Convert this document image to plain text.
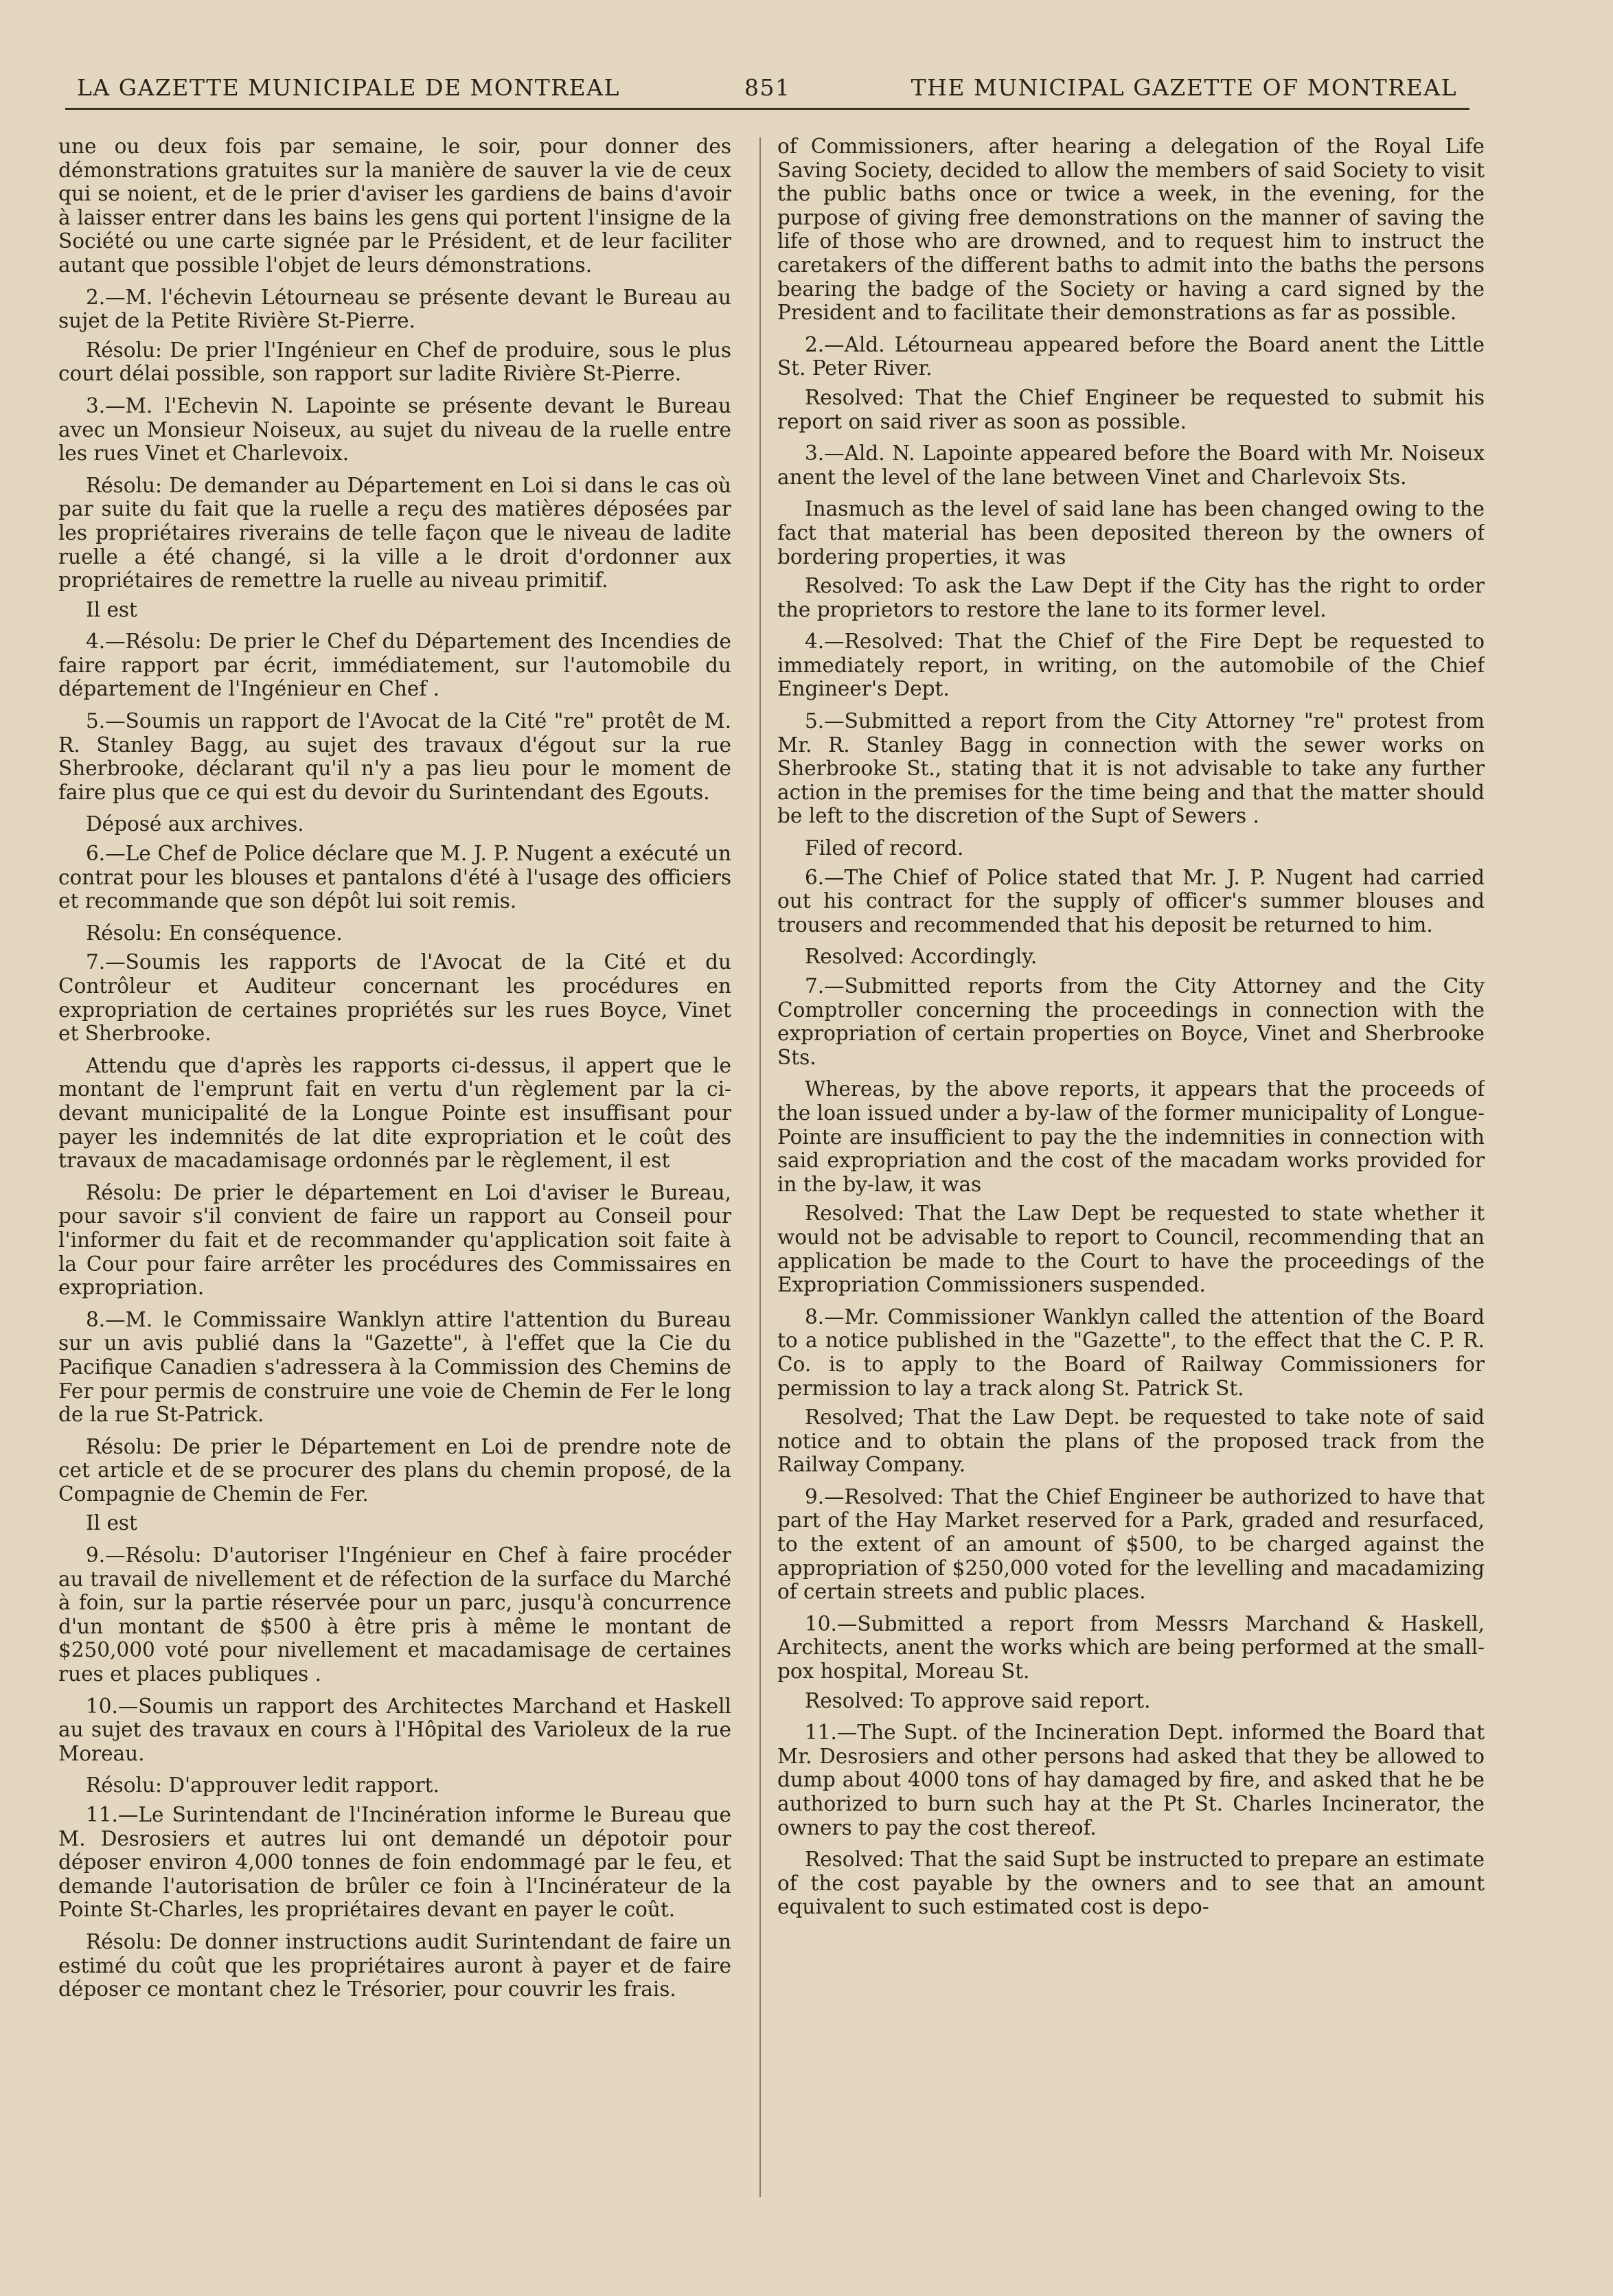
LA GAZETTE MUNICIPALE DE MONTREAL	851	THE MUNICIPAL GAZETTE OF MONTREAL

une ou deux fois par semaine, le soir, pour donner des démonstrations gratuites sur la manière de sauver la vie de ceux qui se noient, et de le prier d'aviser les gardiens de bains d'avoir à laisser entrer dans les bains les gens qui portent l'insigne de la Société ou une carte signée par le Président, et de leur faciliter autant que possible l'objet de leurs démonstrations.

2.—M. l'échevin Létourneau se présente devant le Bureau au sujet de la Petite Rivière St-Pierre.

Résolu: De prier l'Ingénieur en Chef de produire, sous le plus court délai possible, son rapport sur ladite Rivière St-Pierre.

3.—M. l'Echevin N. Lapointe se présente devant le Bureau avec un Monsieur Noiseux, au sujet du niveau de la ruelle entre les rues Vinet et Charlevoix.

Résolu: De demander au Département en Loi si dans le cas où par suite du fait que la ruelle a reçu des matières déposées par les propriétaires riverains de telle façon que le niveau de ladite ruelle a été changé, si la ville a le droit d'ordonner aux propriétaires de remettre la ruelle au niveau primitif.

Il est

4.—Résolu: De prier le Chef du Département des Incendies de faire rapport par écrit, immédiatement, sur l'automobile du département de l'Ingénieur en Chef .

5.—Soumis un rapport de l'Avocat de la Cité "re" protêt de M. R. Stanley Bagg, au sujet des travaux d'égout sur la rue Sherbrooke, déclarant qu'il n'y a pas lieu pour le moment de faire plus que ce qui est du devoir du Surintendant des Egouts.

Déposé aux archives.

6.—Le Chef de Police déclare que M. J. P. Nugent a exécuté un contrat pour les blouses et pantalons d'été à l'usage des officiers et recommande que son dépôt lui soit remis.

Résolu: En conséquence.

7.—Soumis les rapports de l'Avocat de la Cité et du Contrôleur et Auditeur concernant les procédures en expropriation de certaines propriétés sur les rues Boyce, Vinet et Sherbrooke.

Attendu que d'après les rapports ci-dessus, il appert que le montant de l'emprunt fait en vertu d'un règlement par la ci-devant municipalité de la Longue Pointe est insuffisant pour payer les indemnités de lat dite expropriation et le coût des travaux de macadamisage ordonnés par le règlement, il est

Résolu: De prier le département en Loi d'aviser le Bureau, pour savoir s'il convient de faire un rapport au Conseil pour l'informer du fait et de recommander qu'application soit faite à la Cour pour faire arrêter les procédures des Commissaires en expropriation.

8.—M. le Commissaire Wanklyn attire l'attention du Bureau sur un avis publié dans la "Gazette", à l'effet que la Cie du Pacifique Canadien s'adressera à la Commission des Chemins de Fer pour permis de construire une voie de Chemin de Fer le long de la rue St-Patrick.

Résolu: De prier le Département en Loi de prendre note de cet article et de se procurer des plans du chemin proposé, de la Compagnie de Chemin de Fer.

Il est

9.—Résolu: D'autoriser l'Ingénieur en Chef à faire procéder au travail de nivellement et de réfection de la surface du Marché à foin, sur la partie réservée pour un parc, jusqu'à concurrence d'un montant de $500 à être pris à même le montant de $250,000 voté pour nivellement et macadamisage de certaines rues et places publiques .

10.—Soumis un rapport des Architectes Marchand et Haskell au sujet des travaux en cours à l'Hôpital des Varioleux de la rue Moreau.

Résolu: D'approuver ledit rapport.

11.—Le Surintendant de l'Incinération informe le Bureau que M. Desrosiers et autres lui ont demandé un dépotoir pour déposer environ 4,000 tonnes de foin endommagé par le feu, et demande l'autorisation de brûler ce foin à l'Incinérateur de la Pointe St-Charles, les propriétaires devant en payer le coût.

Résolu: De donner instructions audit Surintendant de faire un estimé du coût que les propriétaires auront à payer et de faire déposer ce montant chez le Trésorier, pour couvrir les frais.

of Commissioners, after hearing a delegation of the Royal Life Saving Society, decided to allow the members of said Society to visit the public baths once or twice a week, in the evening, for the purpose of giving free demonstrations on the manner of saving the life of those who are drowned, and to request him to instruct the caretakers of the different baths to admit into the baths the persons bearing the badge of the Society or having a card signed by the President and to facilitate their demonstrations as far as possible.

2.—Ald. Létourneau appeared before the Board anent the Little St. Peter River.

Resolved: That the Chief Engineer be requested to submit his report on said river as soon as possible.

3.—Ald. N. Lapointe appeared before the Board with Mr. Noiseux anent the level of the lane between Vinet and Charlevoix Sts.

Inasmuch as the level of said lane has been changed owing to the fact that material has been deposited thereon by the owners of bordering properties, it was

Resolved: To ask the Law Dept if the City has the right to order the proprietors to restore the lane to its former level.

4.—Resolved: That the Chief of the Fire Dept be requested to immediately report, in writing, on the automobile of the Chief Engineer's Dept.

5.—Submitted a report from the City Attorney "re" protest from Mr. R. Stanley Bagg in connection with the sewer works on Sherbrooke St., stating that it is not advisable to take any further action in the premises for the time being and that the matter should be left to the discretion of the Supt of Sewers .

Filed of record.

6.—The Chief of Police stated that Mr. J. P. Nugent had carried out his contract for the supply of officer's summer blouses and trousers and recommended that his deposit be returned to him.

Resolved: Accordingly.

7.—Submitted reports from the City Attorney and the City Comptroller concerning the proceedings in connection with the expropriation of certain properties on Boyce, Vinet and Sherbrooke Sts.

Whereas, by the above reports, it appears that the proceeds of the loan issued under a by-law of the former municipality of Longue-Pointe are insufficient to pay the the indemnities in connection with said expropriation and the cost of the macadam works provided for in the by-law, it was

Resolved: That the Law Dept be requested to state whether it would not be advisable to report to Council, recommending that an application be made to the Court to have the proceedings of the Expropriation Commissioners suspended.

8.—Mr. Commissioner Wanklyn called the attention of the Board to a notice published in the "Gazette", to the effect that the C. P. R. Co. is to apply to the Board of Railway Commissioners for permission to lay a track along St. Patrick St.

Resolved; That the Law Dept. be requested to take note of said notice and to obtain the plans of the proposed track from the Railway Company.

9.—Resolved: That the Chief Engineer be authorized to have that part of the Hay Market reserved for a Park, graded and resurfaced, to the extent of an amount of $500, to be charged against the appropriation of $250,000 voted for the levelling and macadamizing of certain streets and public places.

10.—Submitted a report from Messrs Marchand & Haskell, Architects, anent the works which are being performed at the small-pox hospital, Moreau St.

Resolved: To approve said report.

11.—The Supt. of the Incineration Dept. informed the Board that Mr. Desrosiers and other persons had asked that they be allowed to dump about 4000 tons of hay damaged by fire, and asked that he be authorized to burn such hay at the Pt St. Charles Incinerator, the owners to pay the cost thereof.

Resolved: That the said Supt be instructed to prepare an estimate of the cost payable by the owners and to see that an amount equivalent to such estimated cost is depo-
